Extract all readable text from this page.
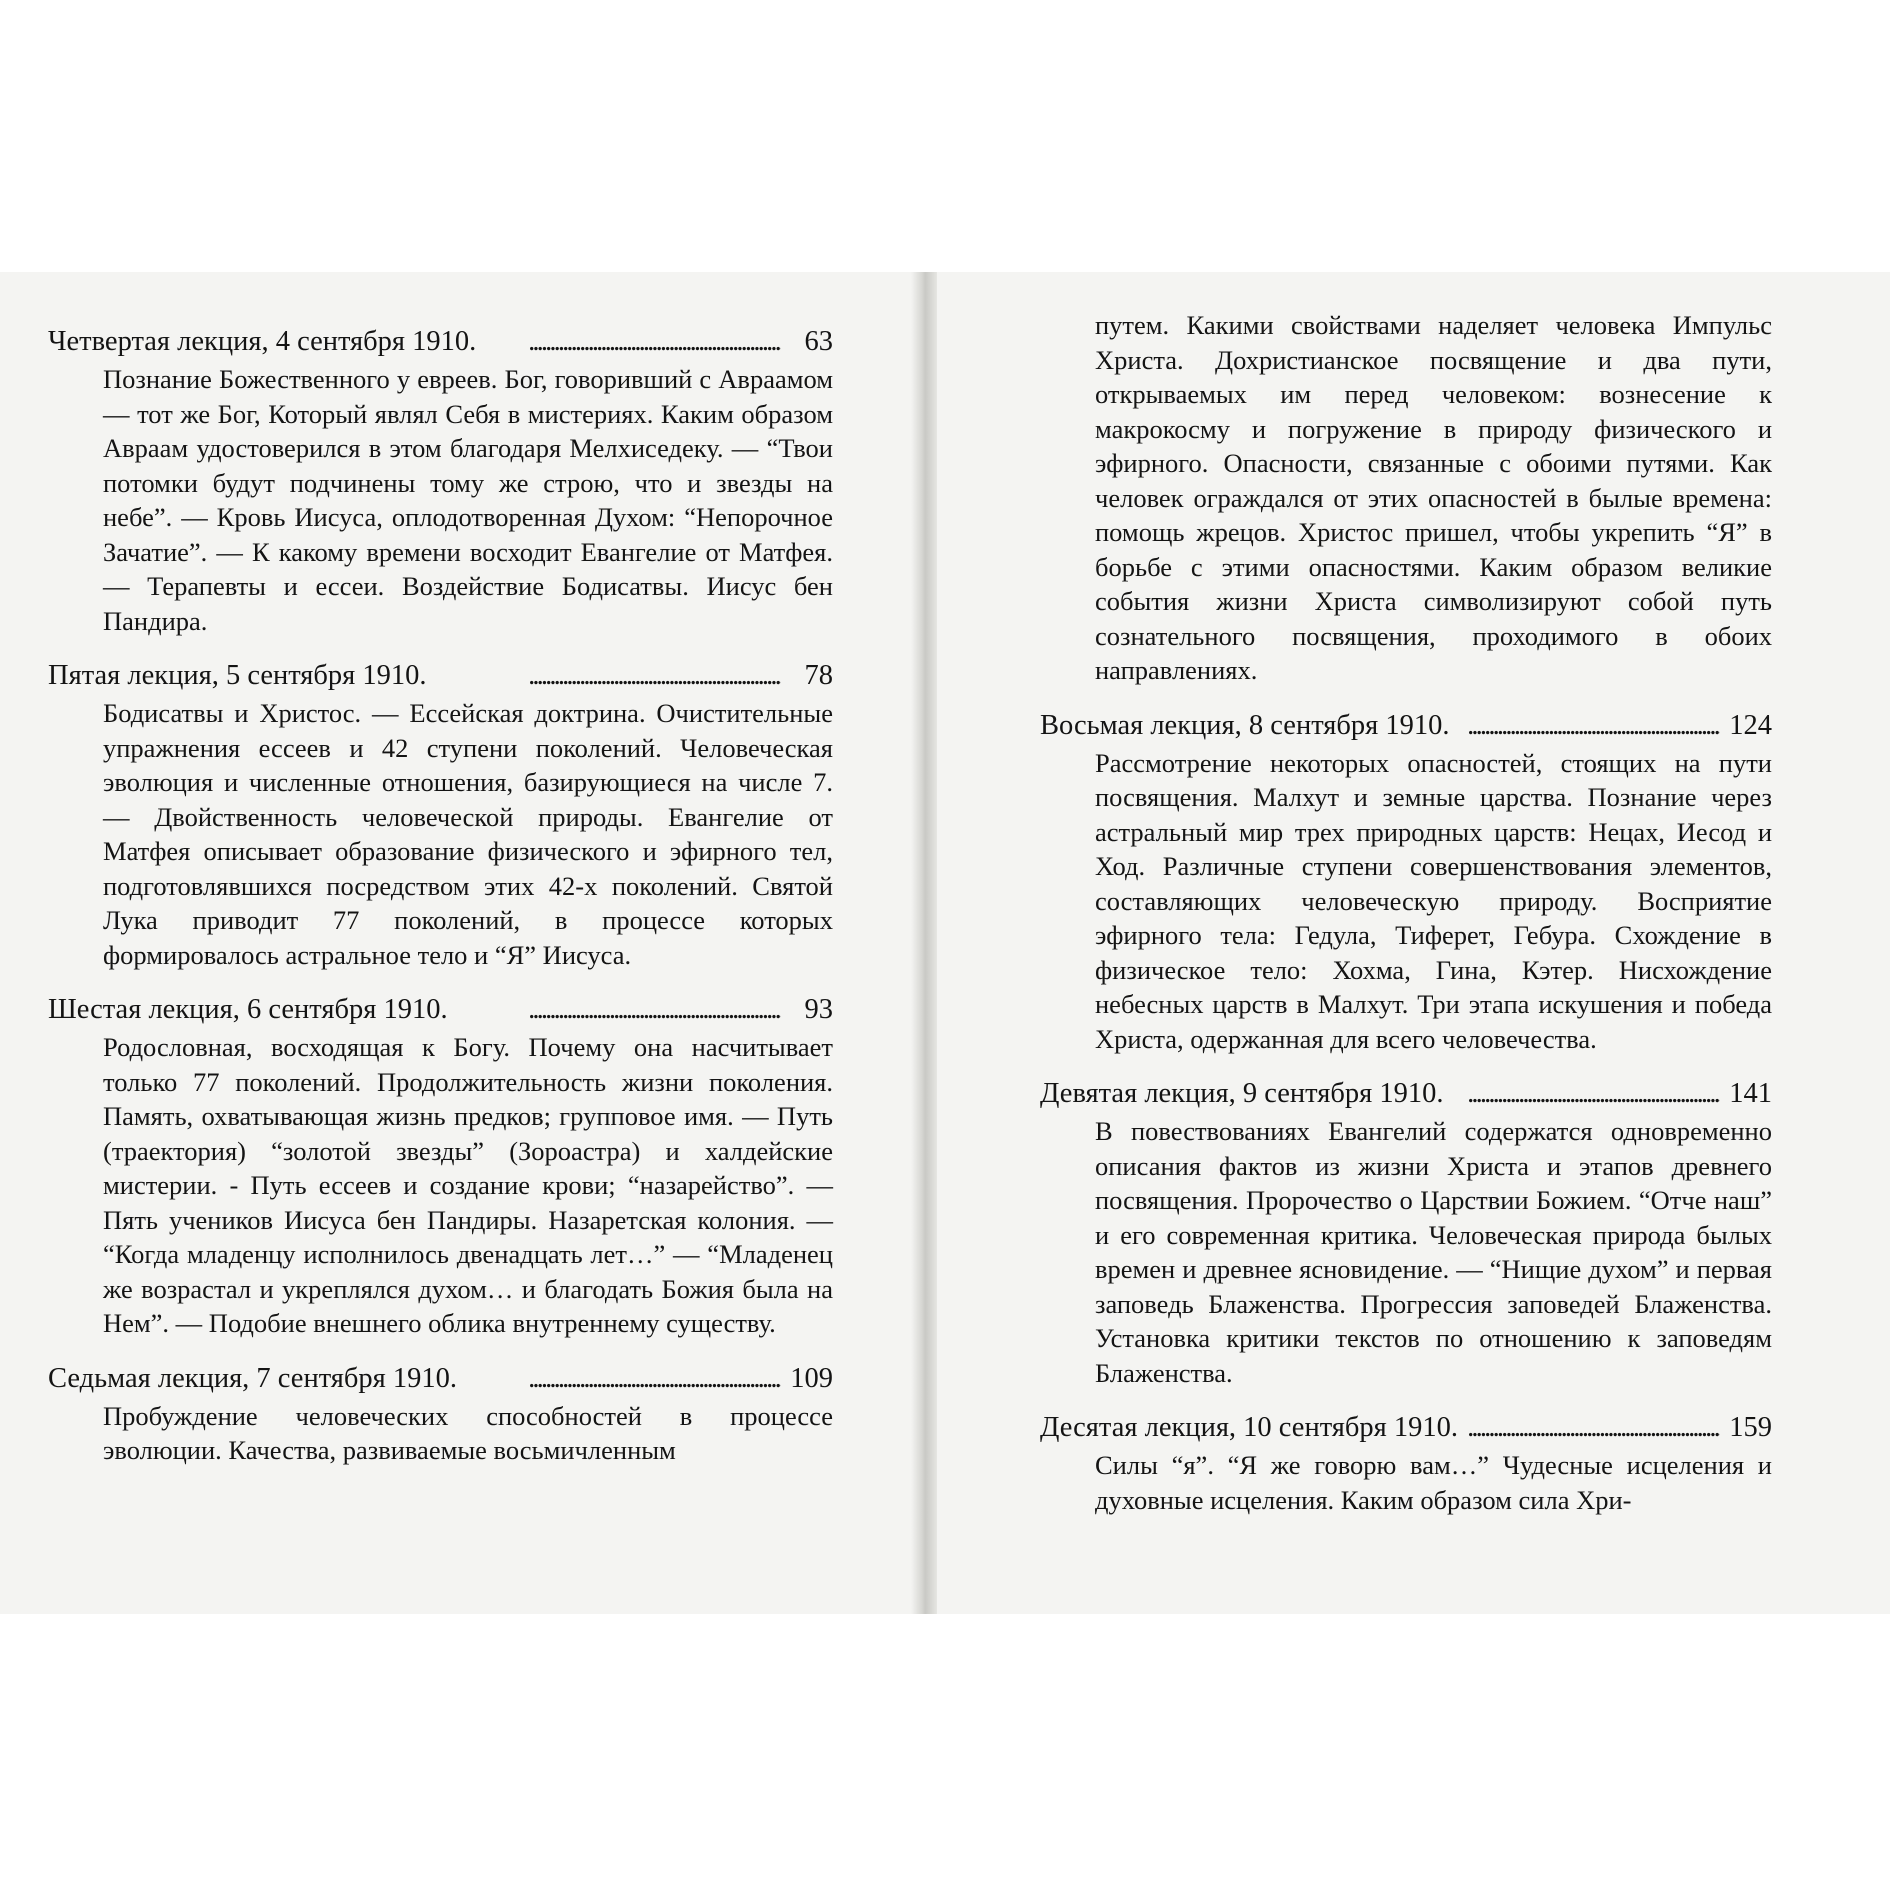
. . .
Четвертая лекция, 4 сентября 1910.	63
Познание Божественного у евреев. Бог, говоривший с Авраамом — тот же Бог, Который являл Себя в мистериях. Каким образом Авраам удостоверился в этом благодаря Мелхиседеку. — “Твои потомки будут подчинены тому же строю, что и звезды на небе”. — Кровь Иисуса, оплодотворенная Духом: “Непорочное Зачатие”. — К какому времени восходит Евангелие от Матфея. — Терапевты и ессеи. Воздействие Бодисатвы. Иисус бен Пандира.
. . .
Пятая лекция, 5 сентября 1910.	78
Бодисатвы и Христос. — Ессейская доктрина. Очистительные упражнения ессеев и 42 ступени поколений. Человеческая эволюция и численные отношения, базирующиеся на числе 7. — Двойственность человеческой природы. Евангелие от Матфея описывает образование физического и эфирного тел, подготовлявшихся посредством этих 42-х поколений. Святой Лука приводит 77 поколений, в процессе которых формировалось астральное тело и “Я” Иисуса.
. . .
Шестая лекция, 6 сентября 1910.	93
Родословная, восходящая к Богу. Почему она насчитывает только 77 поколений. Продолжительность жизни поколения. Память, охватывающая жизнь предков; групповое имя. — Путь (траектория) “золотой звезды” (Зороастра) и халдейские мистерии. - Путь ессеев и создание крови; “назарейство”. — Пять учеников Иисуса бен Пандиры. Назаретская колония. — “Когда младенцу исполнилось двенадцать лет…” — “Младенец же возрастал и укреплялся духом… и благодать Божия была на Нем”. — Подобие внешнего облика внутреннему существу.
. . .
Седьмая лекция, 7 сентября 1910.	109
Пробуждение человеческих способностей в процессе эволюции. Качества, развиваемые восьмичленным
путем. Какими свойствами наделяет человека Импульс Христа. Дохристианское посвящение и два пути, открываемых им перед человеком: вознесение к макрокосму и погружение в природу физического и эфирного. Опасности, связанные с обоими путями. Как человек ограждался от этих опасностей в былые времена: помощь жрецов. Христос пришел, чтобы укрепить “Я” в борьбе с этими опасностями. Каким образом великие события жизни Христа символизируют собой путь сознательного посвящения, проходимого в обоих направлениях.
. . .
Восьмая лекция, 8 сентября 1910.	124
Рассмотрение некоторых опасностей, стоящих на пути посвящения. Малхут и земные царства. Познание через астральный мир трех природных царств: Нецах, Иесод и Ход. Различные ступени совершенствования элементов, составляющих человеческую природу. Восприятие эфирного тела: Гедула, Тиферет, Гебура. Схождение в физическое тело: Хохма, Гина, Кэтер. Нисхождение небесных царств в Малхут. Три этапа искушения и победа Христа, одержанная для всего человечества.
. . .
Девятая лекция, 9 сентября 1910.	141
В повествованиях Евангелий содержатся одновременно описания фактов из жизни Христа и этапов древнего посвящения. Пророчество о Царствии Божием. “Отче наш” и его современная критика. Человеческая природа былых времен и древнее ясновидение. — “Нищие духом” и первая заповедь Блаженства. Прогрессия заповедей Блаженства. Установка критики текстов по отношению к заповедям Блаженства.
. . .
Десятая лекция, 10 сентября 1910.	159
Силы “я”. “Я же говорю вам…” Чудесные исцеления и духовные исцеления. Каким образом сила Хри-
